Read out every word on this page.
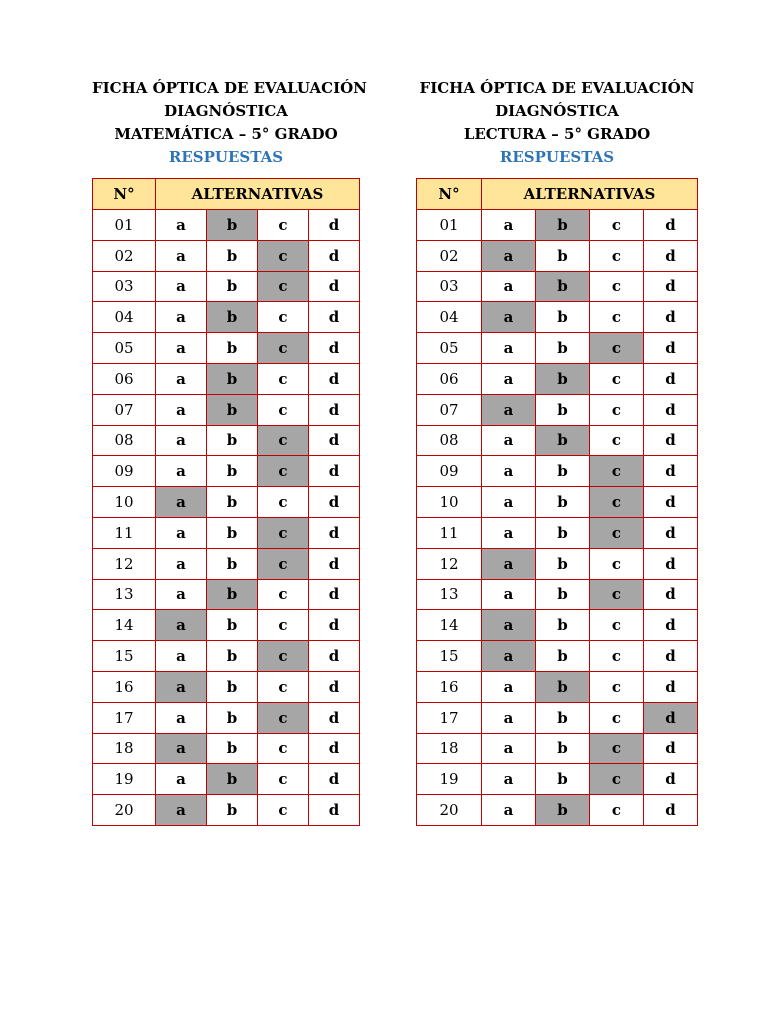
FICHA ÓPTICA DE EVALUACIÓN
DIAGNÓSTICA
MATEMÁTICA – 5° GRADO
RESPUESTAS
N°	ALTERNATIVAS			
01	a	b	c	d
02	a	b	c	d
03	a	b	c	d
04	a	b	c	d
05	a	b	c	d
06	a	b	c	d
07	a	b	c	d
08	a	b	c	d
09	a	b	c	d
10	a	b	c	d
11	a	b	c	d
12	a	b	c	d
13	a	b	c	d
14	a	b	c	d
15	a	b	c	d
16	a	b	c	d
17	a	b	c	d
18	a	b	c	d
19	a	b	c	d
20	a	b	c	d
FICHA ÓPTICA DE EVALUACIÓN
DIAGNÓSTICA
LECTURA – 5° GRADO
RESPUESTAS
N°	ALTERNATIVAS			
01	a	b	c	d
02	a	b	c	d
03	a	b	c	d
04	a	b	c	d
05	a	b	c	d
06	a	b	c	d
07	a	b	c	d
08	a	b	c	d
09	a	b	c	d
10	a	b	c	d
11	a	b	c	d
12	a	b	c	d
13	a	b	c	d
14	a	b	c	d
15	a	b	c	d
16	a	b	c	d
17	a	b	c	d
18	a	b	c	d
19	a	b	c	d
20	a	b	c	d
